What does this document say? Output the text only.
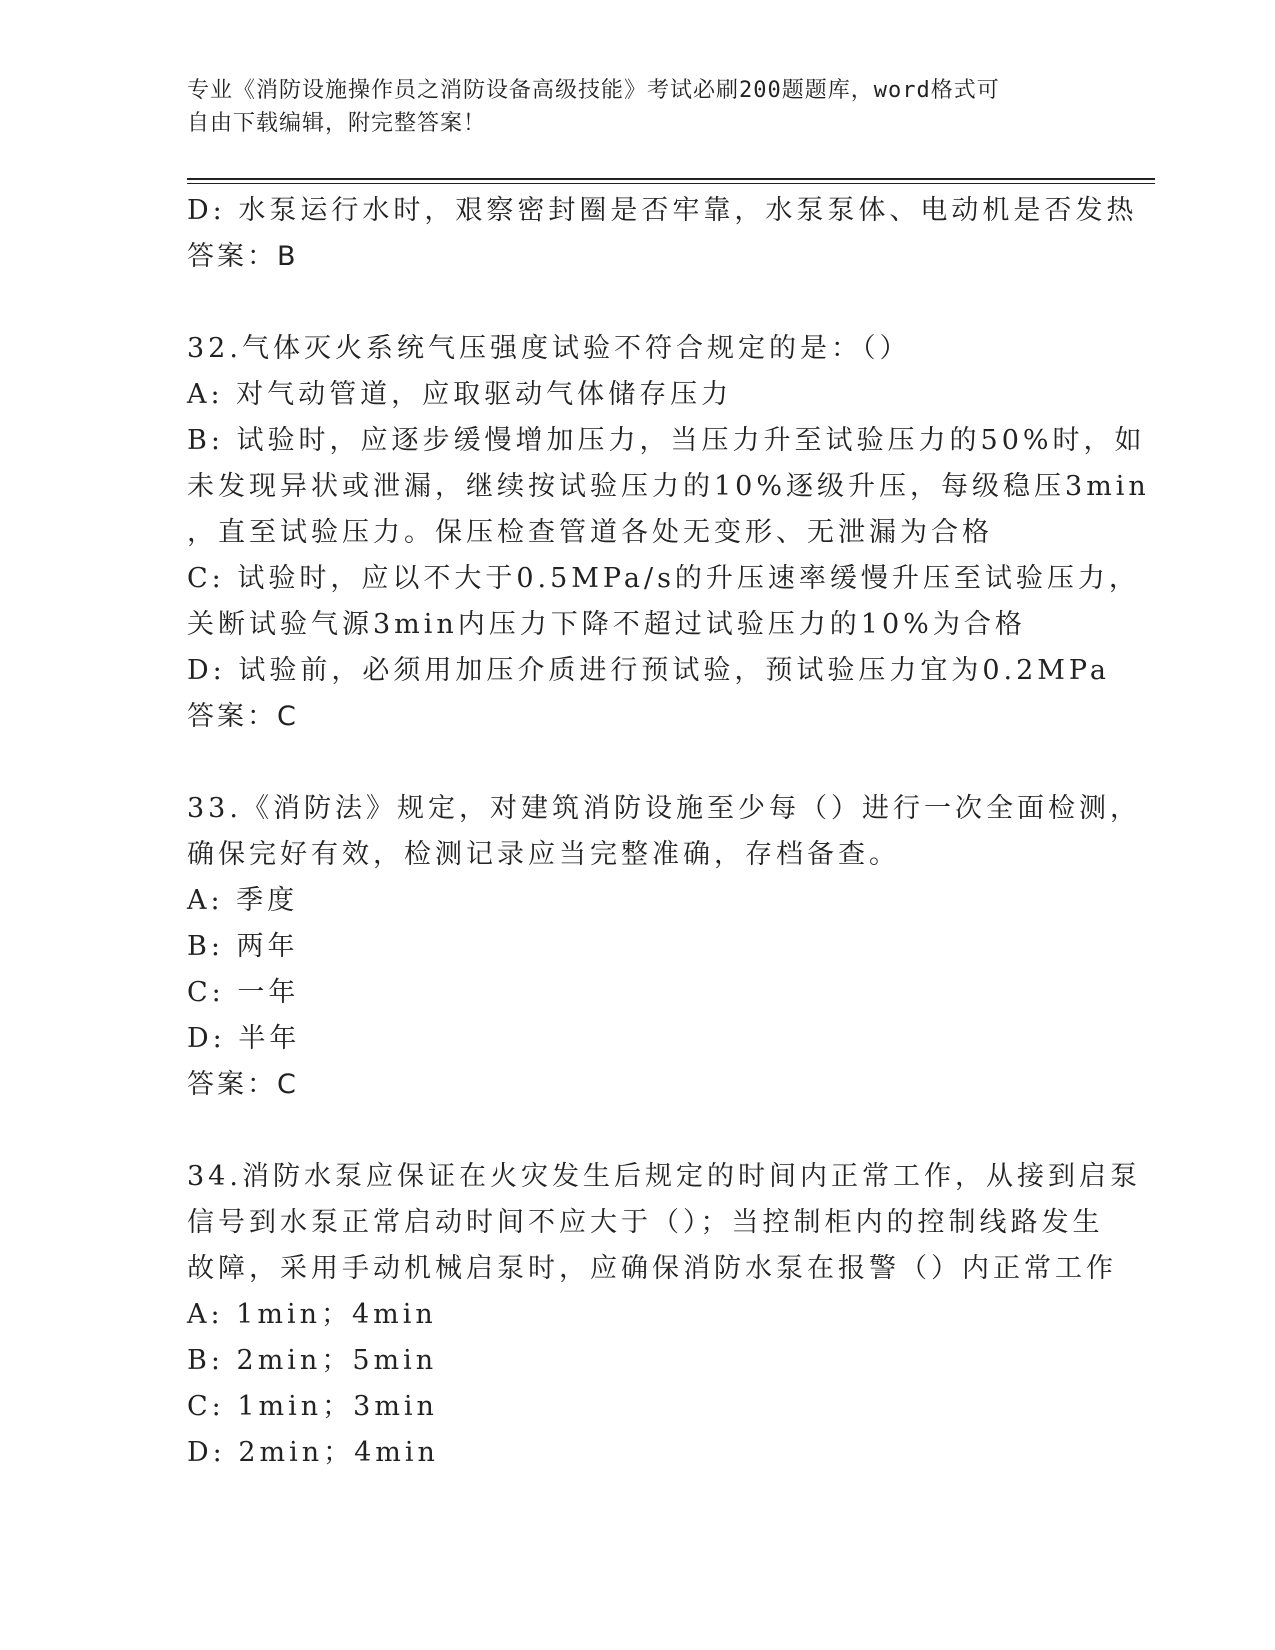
专业《消防设施操作员之消防设备高级技能》考试必刷200题题库，word格式可
自由下载编辑，附完整答案！
D: 水泵运行水时，艰察密封圈是否牢靠，水泵泵体、电动机是否发热
答案：B
32.气体灭火系统气压强度试验不符合规定的是：（）
A: 对气动管道，应取驱动气体储存压力
B: 试验时，应逐步缓慢增加压力，当压力升至试验压力的50%时，如
未发现异状或泄漏，继续按试验压力的10%逐级升压，每级稳压3min
，直至试验压力。保压检查管道各处无变形、无泄漏为合格
C: 试验时，应以不大于0.5MPa/s的升压速率缓慢升压至试验压力，
关断试验气源3min内压力下降不超过试验压力的10%为合格
D: 试验前，必须用加压介质进行预试验，预试验压力宜为0.2MPa
答案：C
33.《消防法》规定，对建筑消防设施至少每（）进行一次全面检测，
确保完好有效，检测记录应当完整准确，存档备查。
A: 季度
B: 两年
C: 一年
D: 半年
答案：C
34.消防水泵应保证在火灾发生后规定的时间内正常工作，从接到启泵
信号到水泵正常启动时间不应大于（）；当控制柜内的控制线路发生
故障，采用手动机械启泵时，应确保消防水泵在报警（）内正常工作
A: 1min；4min
B: 2min；5min
C: 1min；3min
D: 2min；4min
